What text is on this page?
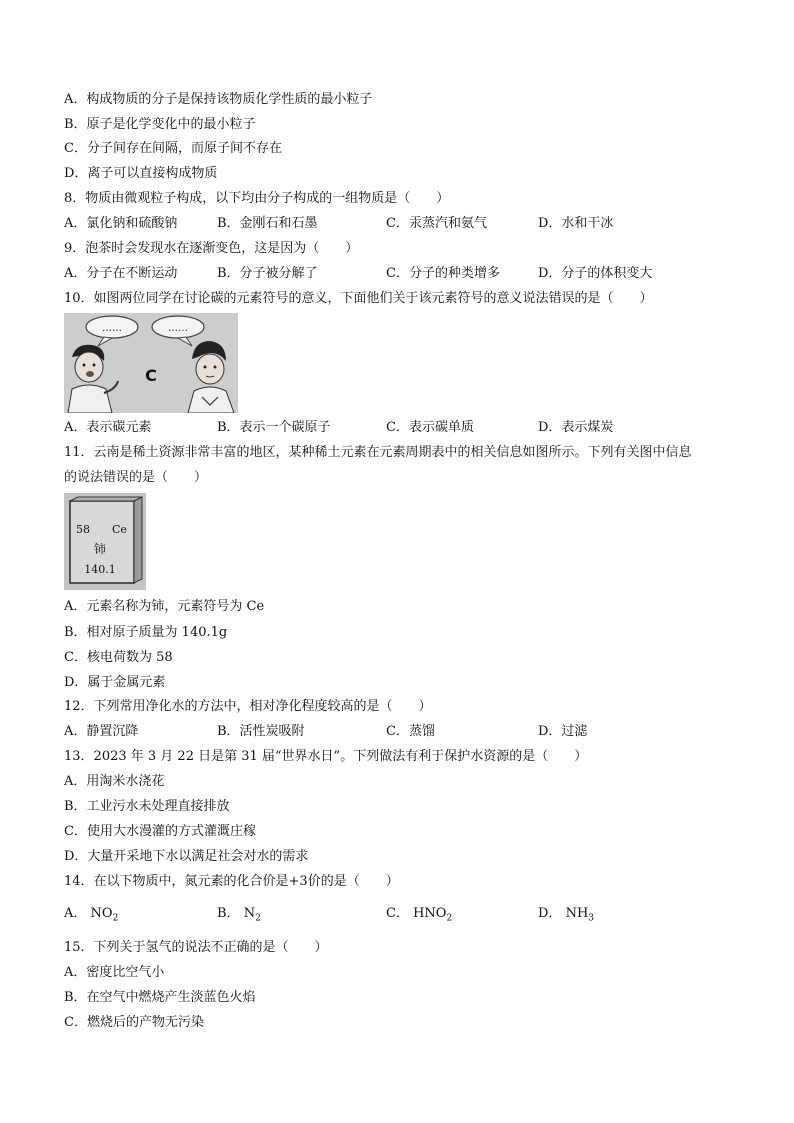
A．构成物质的分子是保持该物质化学性质的最小粒子
B．原子是化学变化中的最小粒子
C．分子间存在间隔，而原子间不存在
D．离子可以直接构成物质
8．物质由微观粒子构成，以下均由分子构成的一组物质是（　　）
A．氯化钠和硫酸钠	B．金刚石和石墨	C．汞蒸汽和氨气	D．水和干冰
9．泡茶时会发现水在逐渐变色，这是因为（　　）
A．分子在不断运动	B．分子被分解了	C．分子的种类增多	D．分子的体积变大
10．如图两位同学在讨论碳的元素符号的意义，下面他们关于该元素符号的意义说法错误的是（　　）
……	……
C
A．表示碳元素	B．表示一个碳原子	C．表示碳单质	D．表示煤炭
11．云南是稀土资源非常丰富的地区，某种稀土元素在元素周期表中的相关信息如图所示。下列有关图中信息
的说法错误的是（　　）
58 Ce
铈
140.1
A．元素名称为铈，元素符号为 Ce
B．相对原子质量为 140.1g
C．核电荷数为 58
D．属于金属元素
12．下列常用净化水的方法中，相对净化程度较高的是（　　）
A．静置沉降	B．活性炭吸附	C．蒸馏	D．过滤
13．2023 年 3 月 22 日是第 31 届“世界水日”。下列做法有利于保护水资源的是（　　）
A．用淘米水浇花
B．工业污水未处理直接排放
C．使用大水漫灌的方式灌溉庄稼
D．大量开采地下水以满足社会对水的需求
14．在以下物质中，氮元素的化合价是+3价的是（　　）
A． $NO_2$	B． $N_2$	C． $HNO_2$	D． $NH_3$
15．下列关于氢气的说法不正确的是（　　）
A．密度比空气小
B．在空气中燃烧产生淡蓝色火焰
C．燃烧后的产物无污染
